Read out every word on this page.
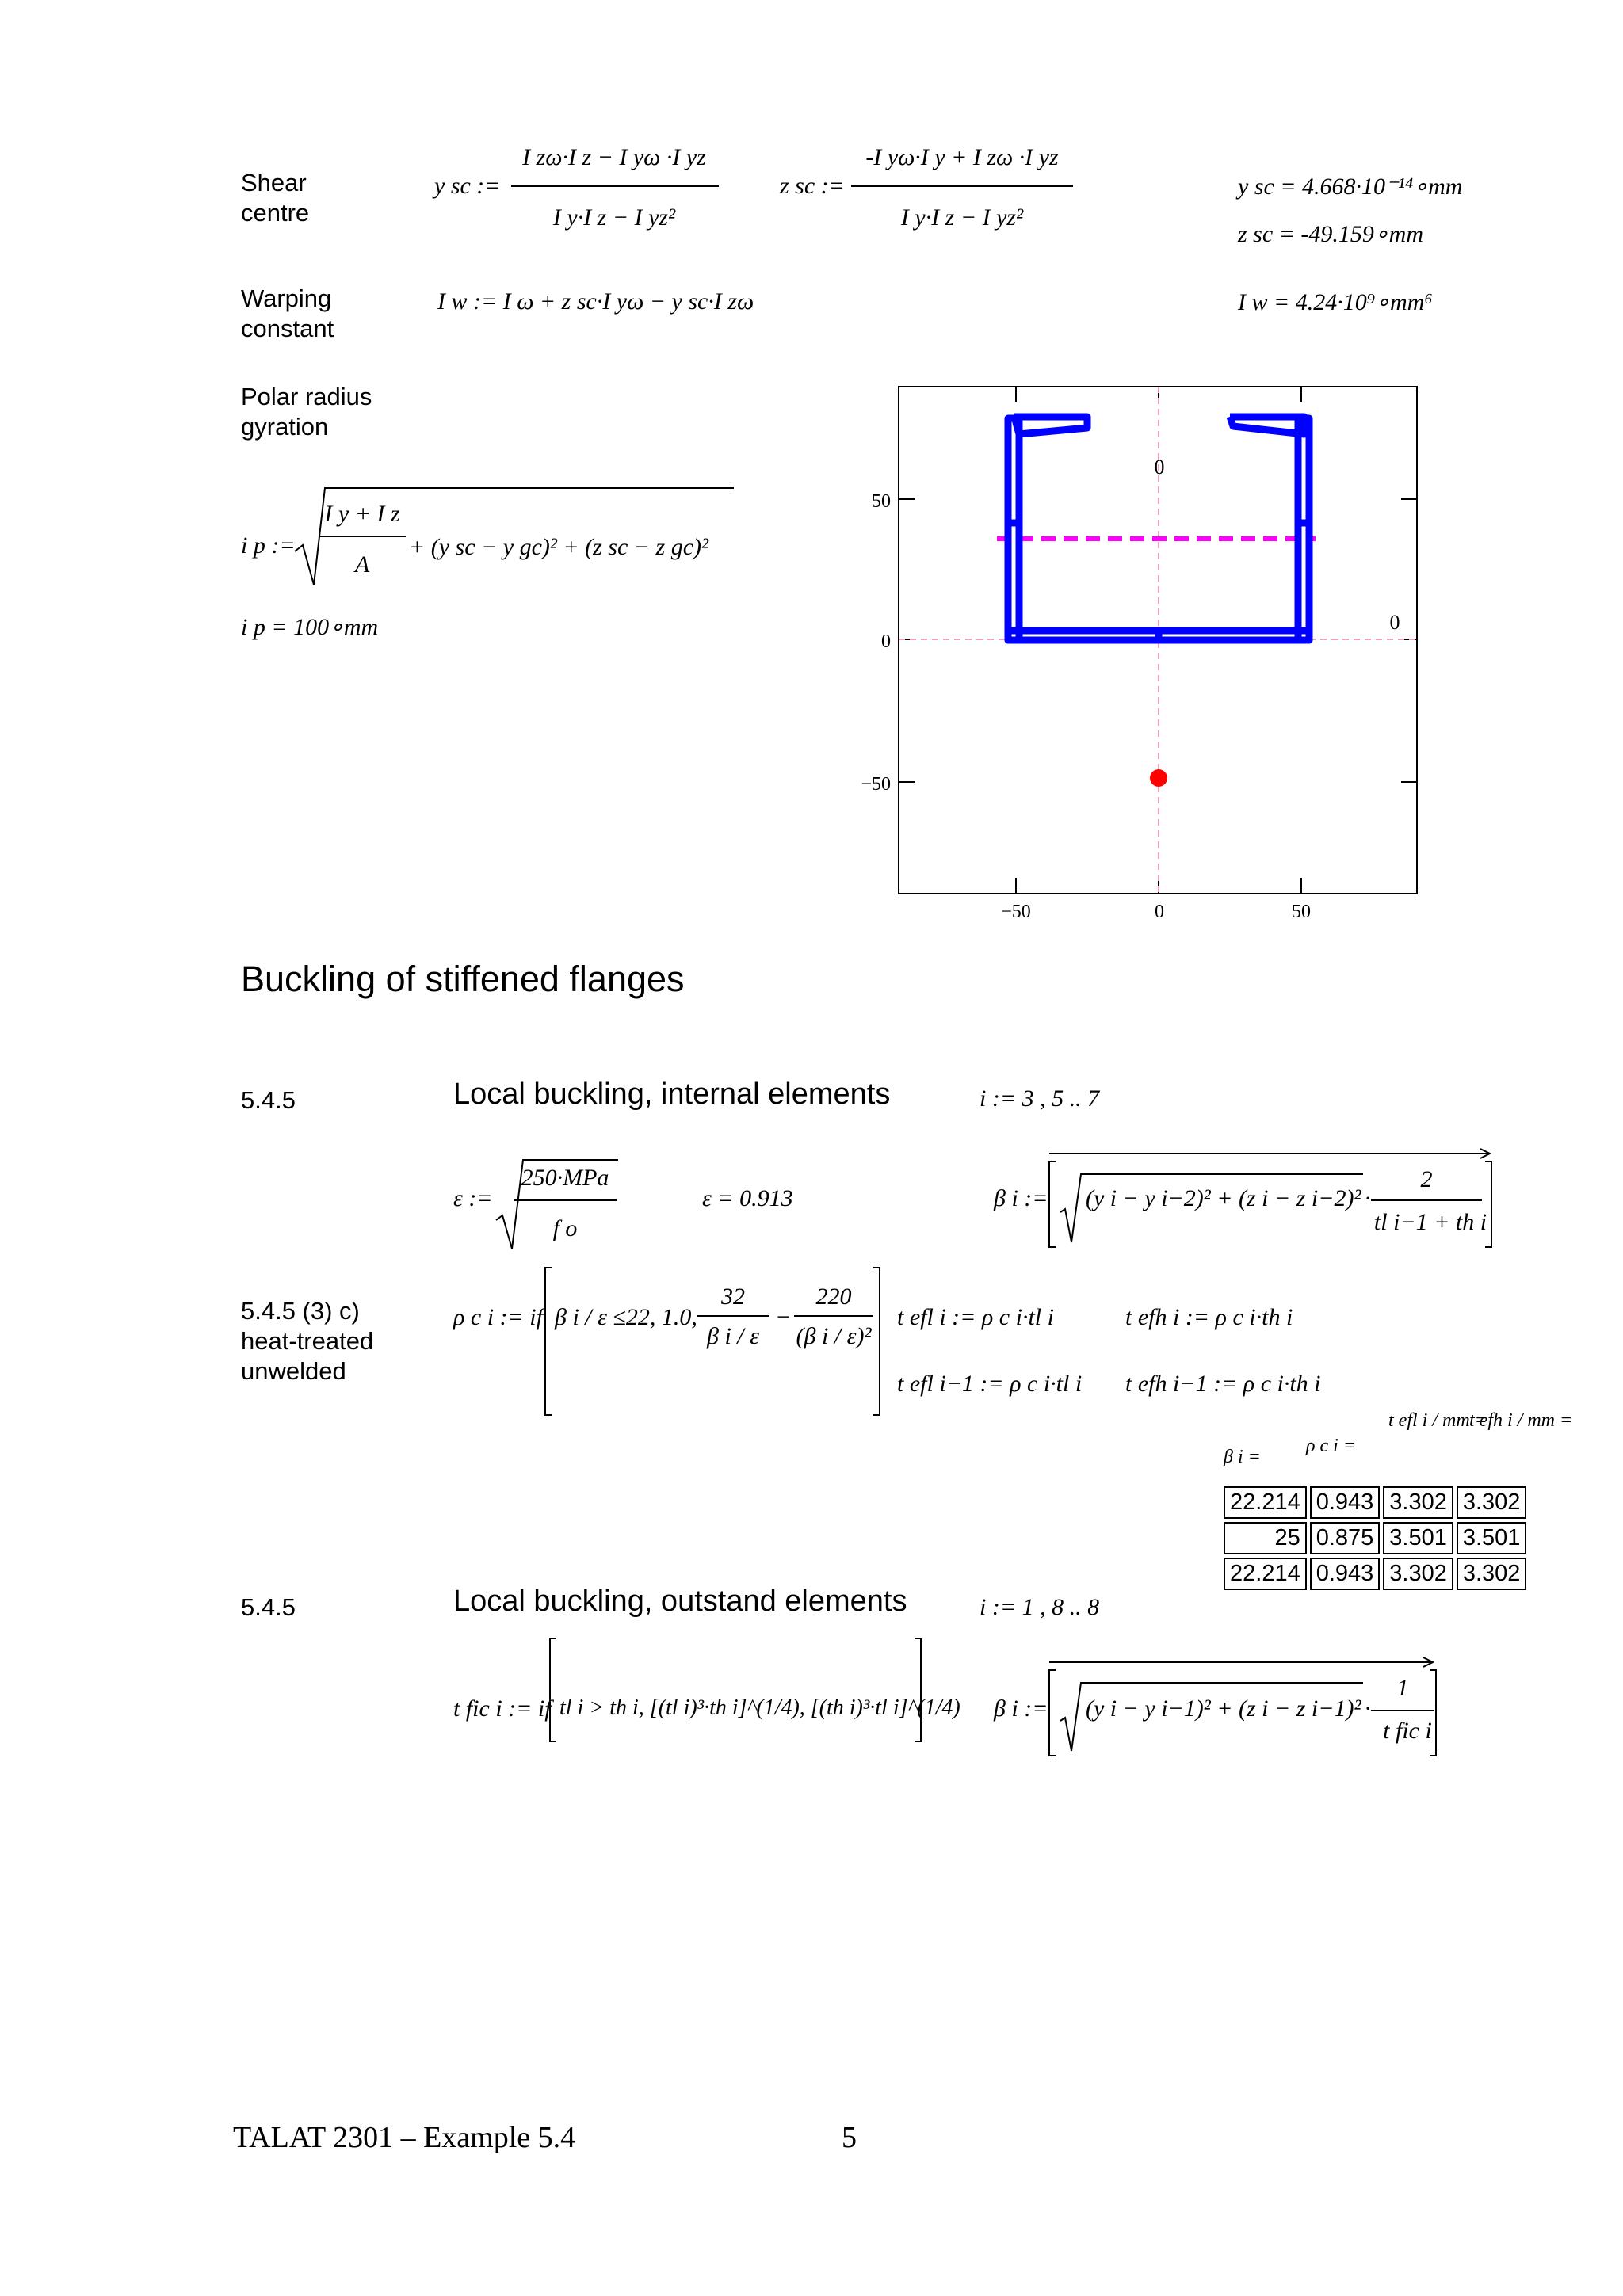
Shear
centre
Warping
constant
Polar radius
gyration
y sc :=
I zω·I z − I yω ·I yz
I y·I z − I yz²
z sc :=
-I yω·I y + I zω ·I yz
I y·I z − I yz²
y sc = 4.668·10⁻¹⁴∘mm
z sc = -49.159∘mm
I w = 4.24·10⁹∘mm⁶
I w := I ω + z sc·I yω − y sc·I zω
i p :=
I y + I z
A
+ (y sc − y gc)² + (z sc − z gc)²
i p = 100∘mm
0
0
50
0
−50
−50	0	50
Buckling of stiffened flanges
5.4.5	Local buckling, internal elements	i := 3 , 5 .. 7
ε :=
250·MPa
f o
ε = 0.913	β i := (y i − y i−2)² + (z i − z i−2)² ·
2
tl i−1 + th i
5.4.5 (3) c)
heat-treated
unwelded
ρ c i := if β i / ε ≤22, 1.0,
32
β i / ε
−
220
(β i / ε)²
t efl i := ρ c i·tl i	t efh i := ρ c i·th i
t efl i−1 := ρ c i·tl i t efh i−1 := ρ c i·th i
β i =
ρ c i =
t efl i / mm =
t efh i / mm =
22.214	0.943	3.302	3.302
25	0.875	3.501	3.501
22.214	0.943	3.302	3.302
5.4.5	Local buckling, outstand elements	i := 1 , 8 .. 8
t fic i := if tl i > th i, [(tl i)³·th i]^(1/4), [(th i)³·tl i]^(1/4) β i := (y i − y i−1)² + (z i − z i−1)² ·
1
t fic i
TALAT 2301 – Example 5.4	5
